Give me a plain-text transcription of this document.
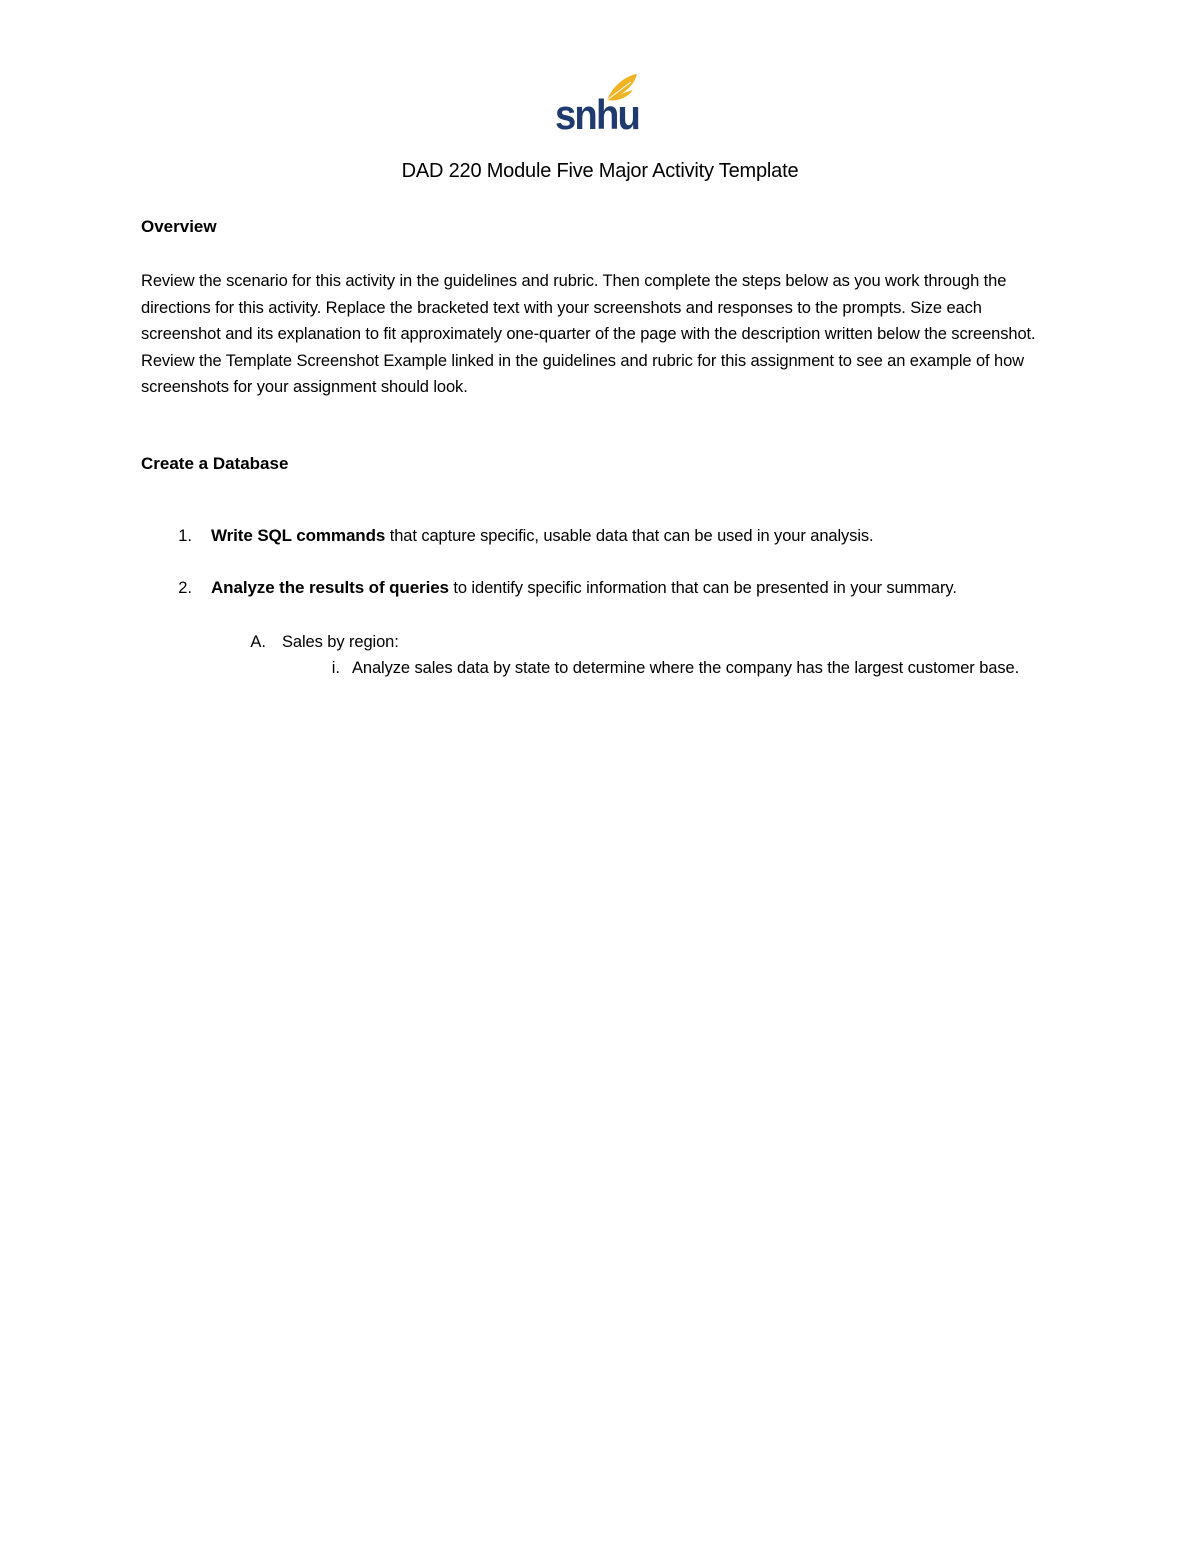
snhu
DAD 220 Module Five Major Activity Template
Overview
Review the scenario for this activity in the guidelines and rubric. Then complete the steps below as you work through the directions for this activity. Replace the bracketed text with your screenshots and responses to the prompts. Size each screenshot and its explanation to fit approximately one-quarter of the page with the description written below the screenshot. Review the Template Screenshot Example linked in the guidelines and rubric for this assignment to see an example of how screenshots for your assignment should look.
Create a Database
1. Write SQL commands that capture specific, usable data that can be used in your analysis.
2. Analyze the results of queries to identify specific information that can be presented in your summary.
A. Sales by region:
i. Analyze sales data by state to determine where the company has the largest customer base.
